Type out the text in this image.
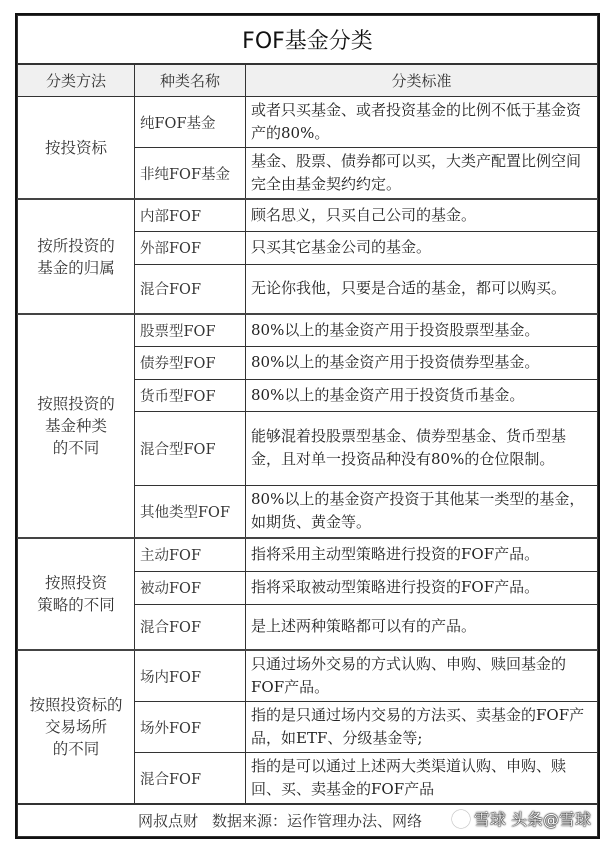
FOF基金分类		
分类方法	种类名称	分类标准

按投资标	纯FOF基金	或者只买基金、或者投资基金的比例不低于基金资产的80%。
	非纯FOF基金	基金、股票、债券都可以买，大类产配置比例空间完全由基金契约约定。

按所投资的
基金的归属	内部FOF	顾名思义，只买自己公司的基金。
	外部FOF	只买其它基金公司的基金。
	混合FOF	无论你我他，只要是合适的基金，都可以购买。

按照投资的
基金种类
的不同	股票型FOF	80%以上的基金资产用于投资股票型基金。
	债券型FOF	80%以上的基金资产用于投资债券型基金。
	货币型FOF	80%以上的基金资产用于投资货币基金。
	混合型FOF	能够混着投股票型基金、债券型基金、货币型基金，且对单一投资品种没有80%的仓位限制。
	其他类型FOF	80%以上的基金资产投资于其他某一类型的基金，如期货、黄金等。

按照投资
策略的不同	主动FOF	指将采用主动型策略进行投资的FOF产品。
	被动FOF	指将采取被动型策略进行投资的FOF产品。
	混合FOF	是上述两种策略都可以有的产品。

按照投资标的
交易场所
的不同	场内FOF	只通过场外交易的方式认购、申购、赎回基金的FOF产品。
	场外FOF	指的是只通过场内交易的方法买、卖基金的FOF产品，如ETF、分级基金等;
	混合FOF	指的是可以通过上述两大类渠道认购、申购、赎回、买、卖基金的FOF产品
网叔点财 数据来源：运作管理办法、网络 雪球 头条@雪球		
